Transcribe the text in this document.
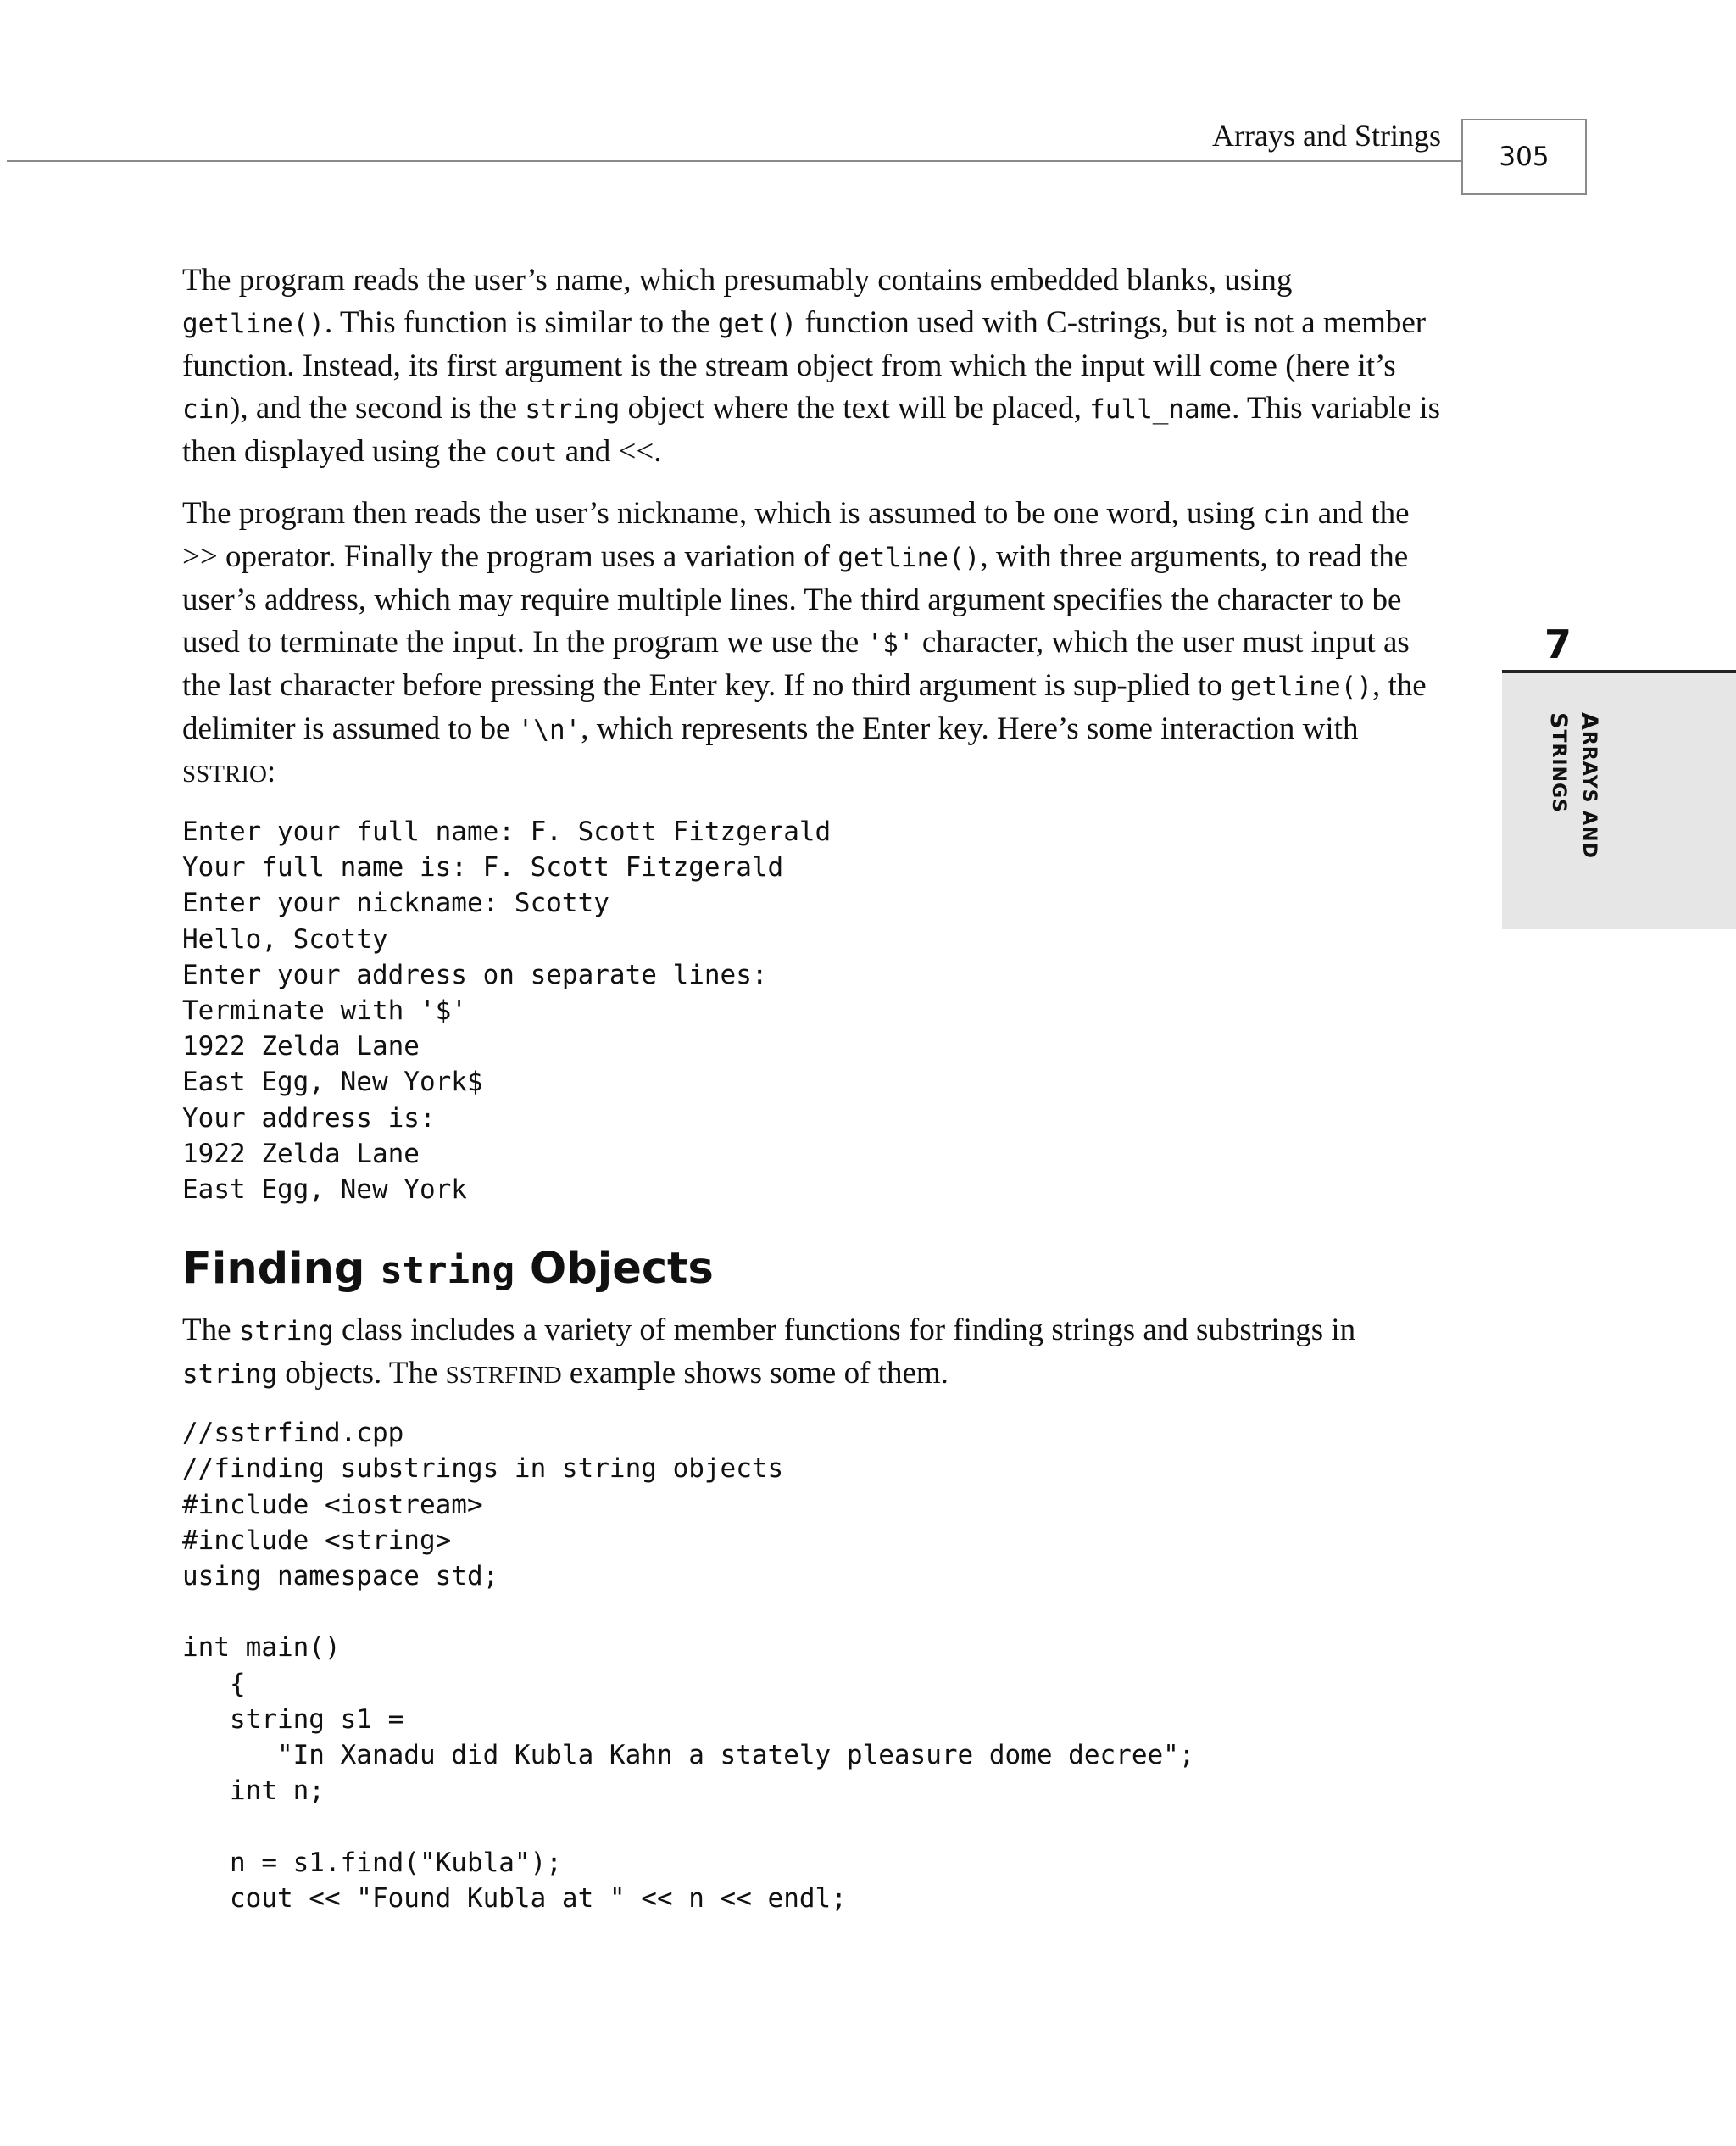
Arrays and Strings
305
7
ARRAYS AND
STRINGS

The program reads the user’s name, which presumably contains embedded blanks, using getline(). This function is similar to the get() function used with C-strings, but is not a member function. Instead, its first argument is the stream object from which the input will come (here it’s cin), and the second is the string object where the text will be placed, full_name. This variable is then displayed using the cout and <<.

The program then reads the user’s nickname, which is assumed to be one word, using cin and the >> operator. Finally the program uses a variation of getline(), with three arguments, to read the user’s address, which may require multiple lines. The third argument specifies the character to be used to terminate the input. In the program we use the '$' character, which the user must input as the last character before pressing the Enter key. If no third argument is sup-plied to getline(), the delimiter is assumed to be '\n', which represents the Enter key. Here’s some interaction with SSTRIO:

Enter your full name: F. Scott Fitzgerald
Your full name is: F. Scott Fitzgerald
Enter your nickname: Scotty
Hello, Scotty
Enter your address on separate lines:
Terminate with '$'
1922 Zelda Lane
East Egg, New York$
Your address is:
1922 Zelda Lane
East Egg, New York
Finding string Objects

The string class includes a variety of member functions for finding strings and substrings in string objects. The SSTRFIND example shows some of them.

//sstrfind.cpp
//finding substrings in string objects
#include <iostream>
#include <string>
using namespace std;

int main()
{
string s1 =
"In Xanadu did Kubla Kahn a stately pleasure dome decree";
int n;

n = s1.find("Kubla");
cout << "Found Kubla at " << n << endl;
